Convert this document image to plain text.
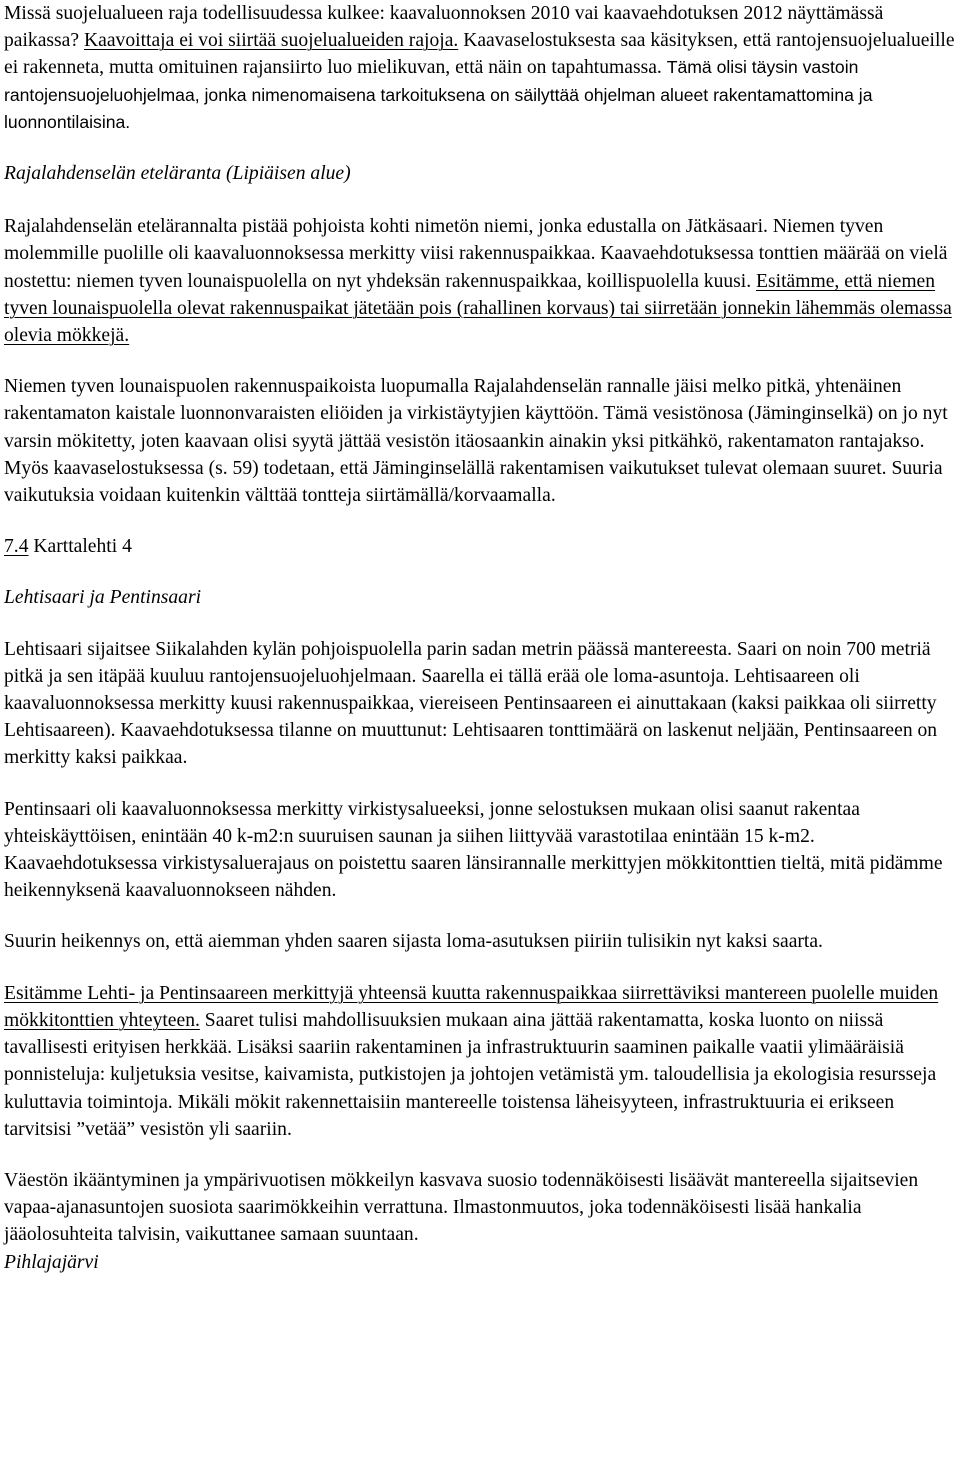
Missä suojelualueen raja todellisuudessa kulkee: kaavaluonnoksen 2010 vai kaavaehdotuksen 2012 näyttämässä paikassa? Kaavoittaja ei voi siirtää suojelualueiden rajoja. Kaavaselostuksesta saa käsityksen, että rantojensuojelualueille ei rakenneta, mutta omituinen rajansiirto luo mielikuvan, että näin on tapahtumassa. Tämä olisi täysin vastoin rantojensuojeluohjelmaa, jonka nimenomaisena tarkoituksena on säilyttää ohjelman alueet rakentamattomina ja luonnontilaisina.

Rajalahdenselän eteläranta (Lipiäisen alue)

Rajalahdenselän etelärannalta pistää pohjoista kohti nimetön niemi, jonka edustalla on Jätkäsaari. Niemen tyven molemmille puolille oli kaavaluonnoksessa merkitty viisi rakennuspaikkaa. Kaavaehdotuksessa tonttien määrää on vielä nostettu: niemen tyven lounaispuolella on nyt yhdeksän rakennuspaikkaa, koillispuolella kuusi. Esitämme, että niemen tyven lounaispuolella olevat rakennuspaikat jätetään pois (rahallinen korvaus) tai siirretään jonnekin lähemmäs olemassa olevia mökkejä.

Niemen tyven lounaispuolen rakennuspaikoista luopumalla Rajalahdenselän rannalle jäisi melko pitkä, yhtenäinen rakentamaton kaistale luonnonvaraisten eliöiden ja virkistäytyjien käyttöön. Tämä vesistönosa (Jäminginselkä) on jo nyt varsin mökitetty, joten kaavaan olisi syytä jättää vesistön itäosaankin ainakin yksi pitkähkö, rakentamaton rantajakso. Myös kaavaselostuksessa (s. 59) todetaan, että Jäminginselällä rakentamisen vaikutukset tulevat olemaan suuret. Suuria vaikutuksia voidaan kuitenkin välttää tontteja siirtämällä/korvaamalla.

7.4 Karttalehti 4

Lehtisaari ja Pentinsaari

Lehtisaari sijaitsee Siikalahden kylän pohjoispuolella parin sadan metrin päässä mantereesta. Saari on noin 700 metriä pitkä ja sen itäpää kuuluu rantojensuojeluohjelmaan. Saarella ei tällä erää ole loma-asuntoja. Lehtisaareen oli kaavaluonnoksessa merkitty kuusi rakennuspaikkaa, viereiseen Pentinsaareen ei ainuttakaan (kaksi paikkaa oli siirretty Lehtisaareen). Kaavaehdotuksessa tilanne on muuttunut: Lehtisaaren tonttimäärä on laskenut neljään, Pentinsaareen on merkitty kaksi paikkaa.

Pentinsaari oli kaavaluonnoksessa merkitty virkistysalueeksi, jonne selostuksen mukaan olisi saanut rakentaa yhteiskäyttöisen, enintään 40 k-m2:n suuruisen saunan ja siihen liittyvää varastotilaa enintään 15 k-m2. Kaavaehdotuksessa virkistysaluerajaus on poistettu saaren länsirannalle merkittyjen mökkitonttien tieltä, mitä pidämme heikennyksenä kaavaluonnokseen nähden.

Suurin heikennys on, että aiemman yhden saaren sijasta loma-asutuksen piiriin tulisikin nyt kaksi saarta.

Esitämme Lehti- ja Pentinsaareen merkittyjä yhteensä kuutta rakennuspaikkaa siirrettäviksi mantereen puolelle muiden mökkitonttien yhteyteen. Saaret tulisi mahdollisuuksien mukaan aina jättää rakentamatta, koska luonto on niissä tavallisesti erityisen herkkää. Lisäksi saariin rakentaminen ja infrastruktuurin saaminen paikalle vaatii ylimääräisiä ponnisteluja: kuljetuksia vesitse, kaivamista, putkistojen ja johtojen vetämistä ym. taloudellisia ja ekologisia resursseja kuluttavia toimintoja. Mikäli mökit rakennettaisiin mantereelle toistensa läheisyyteen, infrastruktuuria ei erikseen tarvitsisi ”vetää” vesistön yli saariin.

Väestön ikääntyminen ja ympärivuotisen mökkeilyn kasvava suosio todennäköisesti lisäävät mantereella sijaitsevien vapaa-ajanasuntojen suosiota saarimökkeihin verrattuna. Ilmastonmuutos, joka todennäköisesti lisää hankalia jääolosuhteita talvisin, vaikuttanee samaan suuntaan.

Pihlajajärvi
